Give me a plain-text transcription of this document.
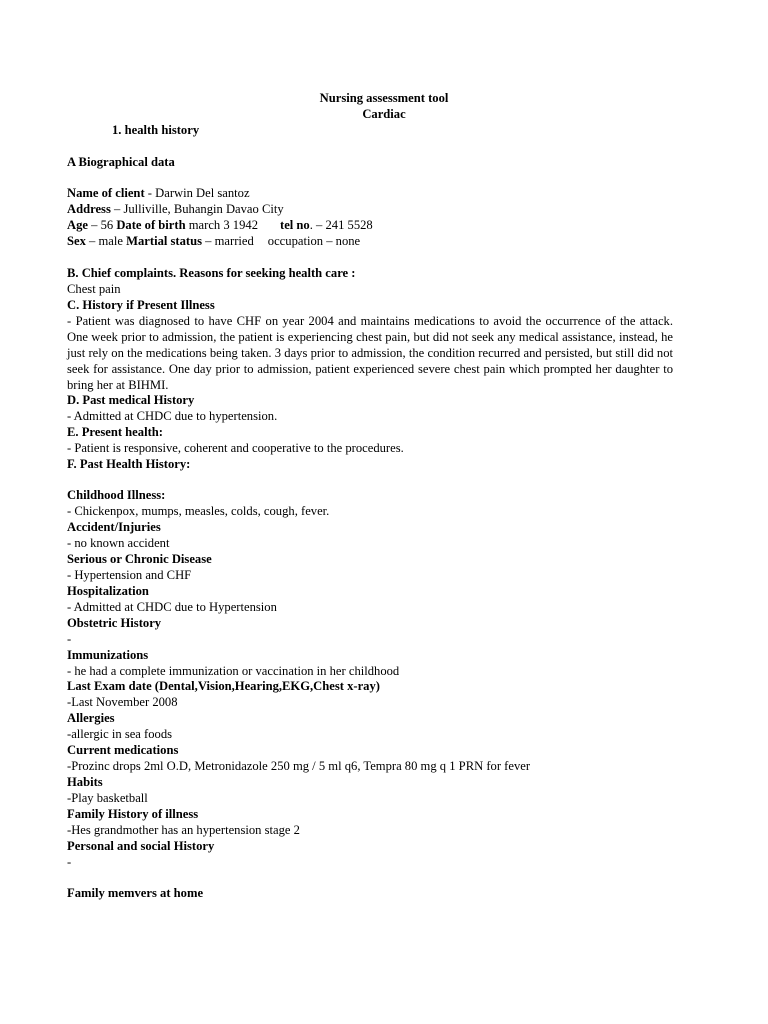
Nursing assessment tool
Cardiac
1. health history
A Biographical data
Name of client - Darwin Del santoz
Address – Julliville, Buhangin Davao City
Age – 56 Date of birth march 3 1942 tel no. – 241 5528
Sex – male Martial status – married occupation – none
B. Chief complaints. Reasons for seeking health care :
Chest pain
C. History if Present Illness
- Patient was diagnosed to have CHF on year 2004 and maintains medications to avoid the occurrence of the attack. One week prior to admission, the patient is experiencing chest pain, but did not seek any medical assistance, instead, he just rely on the medications being taken. 3 days prior to admission, the condition recurred and persisted, but still did not seek for assistance. One day prior to admission, patient experienced severe chest pain which prompted her daughter to bring her at BIHMI.
D. Past medical History
- Admitted at CHDC due to hypertension.
E. Present health:
- Patient is responsive, coherent and cooperative to the procedures.
F. Past Health History:
Childhood Illness:
- Chickenpox, mumps, measles, colds, cough, fever.
Accident/Injuries
- no known accident
Serious or Chronic Disease
- Hypertension and CHF
Hospitalization
- Admitted at CHDC due to Hypertension
Obstetric History
-
Immunizations
- he had a complete immunization or vaccination in her childhood
Last Exam date (Dental,Vision,Hearing,EKG,Chest x-ray)
-Last November 2008
Allergies
-allergic in sea foods
Current medications
-Prozinc drops 2ml O.D, Metronidazole 250 mg / 5 ml q6, Tempra 80 mg q 1 PRN for fever
Habits
-Play basketball
Family History of illness
-Hes grandmother has an hypertension stage 2
Personal and social History
-
Family memvers at home
